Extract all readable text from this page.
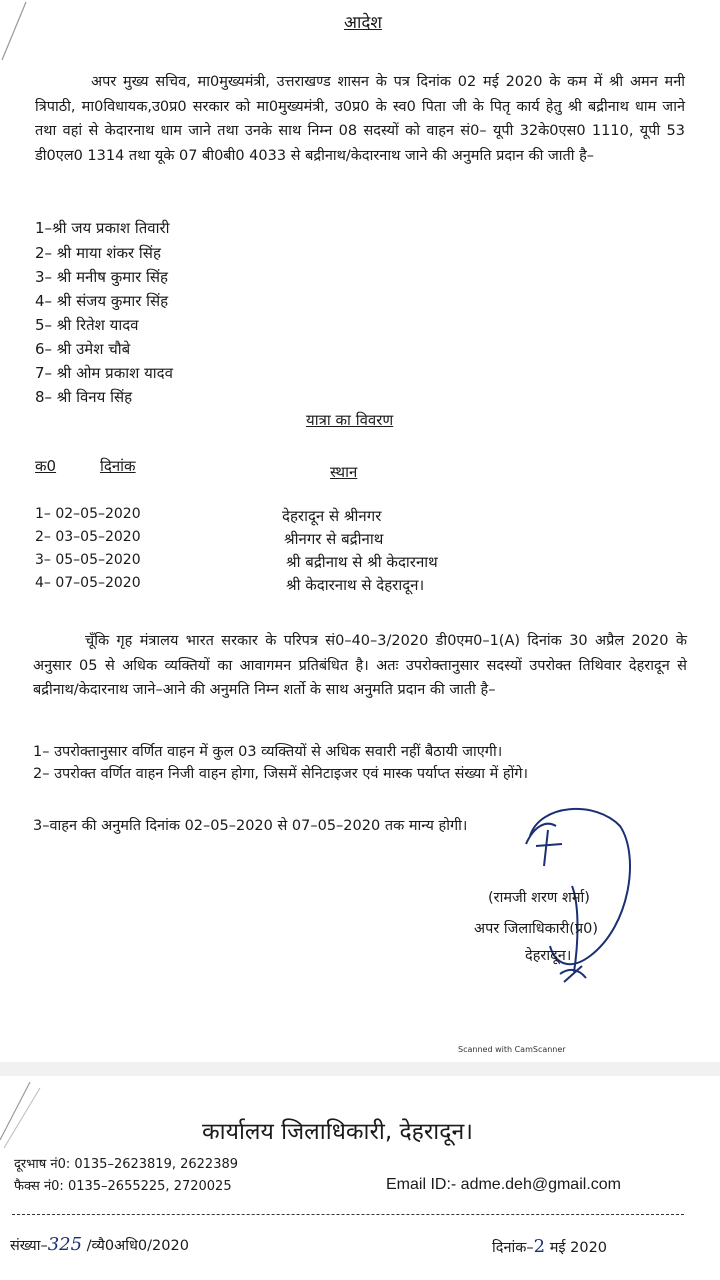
आदेश

अपर मुख्य सचिव, मा0मुख्यमंत्री, उत्तराखण्ड शासन के पत्र दिनांक 02 मई 2020 के कम में श्री अमन मनी त्रिपाठी, मा0विधायक,उ0प्र0 सरकार को मा0मुख्यमंत्री, उ0प्र0 के स्व0 पिता जी के पितृ कार्य हेतु श्री बद्रीनाथ धाम जाने तथा वहां से केदारनाथ धाम जाने तथा उनके साथ निम्न 08 सदस्यों को वाहन सं0– यूपी 32के0एस0 1110, यूपी 53 डी0एल0 1314 तथा यूके 07 बी0बी0 4033 से बद्रीनाथ/केदारनाथ जाने की अनुमति प्रदान की जाती है–

1–श्री जय प्रकाश तिवारी
2– श्री माया शंकर सिंह
3– श्री मनीष कुमार सिंह
4– श्री संजय कुमार सिंह
5– श्री रितेश यादव
6– श्री उमेश चौबे
7– श्री ओम प्रकाश यादव
8– श्री विनय सिंह
यात्रा का विवरण
क0	दिनांक	स्थान
1– 02–05–2020	देहरादून से श्रीनगर
2– 03–05–2020	श्रीनगर से बद्रीनाथ
3– 05–05–2020	श्री बद्रीनाथ से श्री केदारनाथ
4– 07–05–2020	श्री केदारनाथ से देहरादून।

चूँकि गृह मंत्रालय भारत सरकार के परिपत्र सं0–40–3/2020 डी0एम0–1(A) दिनांक 30 अप्रैल 2020 के अनुसार 05 से अधिक व्यक्तियों का आवागमन प्रतिबंधित है। अतः उपरोक्तानुसार सदस्यों उपरोक्त तिथिवार देहरादून से बद्रीनाथ/केदारनाथ जाने–आने की अनुमति निम्न शर्तो के साथ अनुमति प्रदान की जाती है–

1– उपरोक्तानुसार वर्णित वाहन में कुल 03 व्यक्तियों से अधिक सवारी नहीं बैठायी जाएगी।

2– उपरोक्त वर्णित वाहन निजी वाहन होगा, जिसमें सेनिटाइजर एवं मास्क पर्याप्त संख्या में होंगे।

3–वाहन की अनुमति दिनांक 02–05–2020 से 07–05–2020 तक मान्य होगी।
(रामजी शरण शर्मा)
अपर जिलाधिकारी(प्र0)
देहरादून।
Scanned with CamScanner
कार्यालय जिलाधिकारी, देहरादून।
दूरभाष नं0: 0135–2623819, 2622389
फैक्स नं0: 0135–2655225, 2720025	Email ID:- adme.deh@gmail.com
संख्या–325 /व्यै0अधि0/2020	दिनांक–2 मई 2020
